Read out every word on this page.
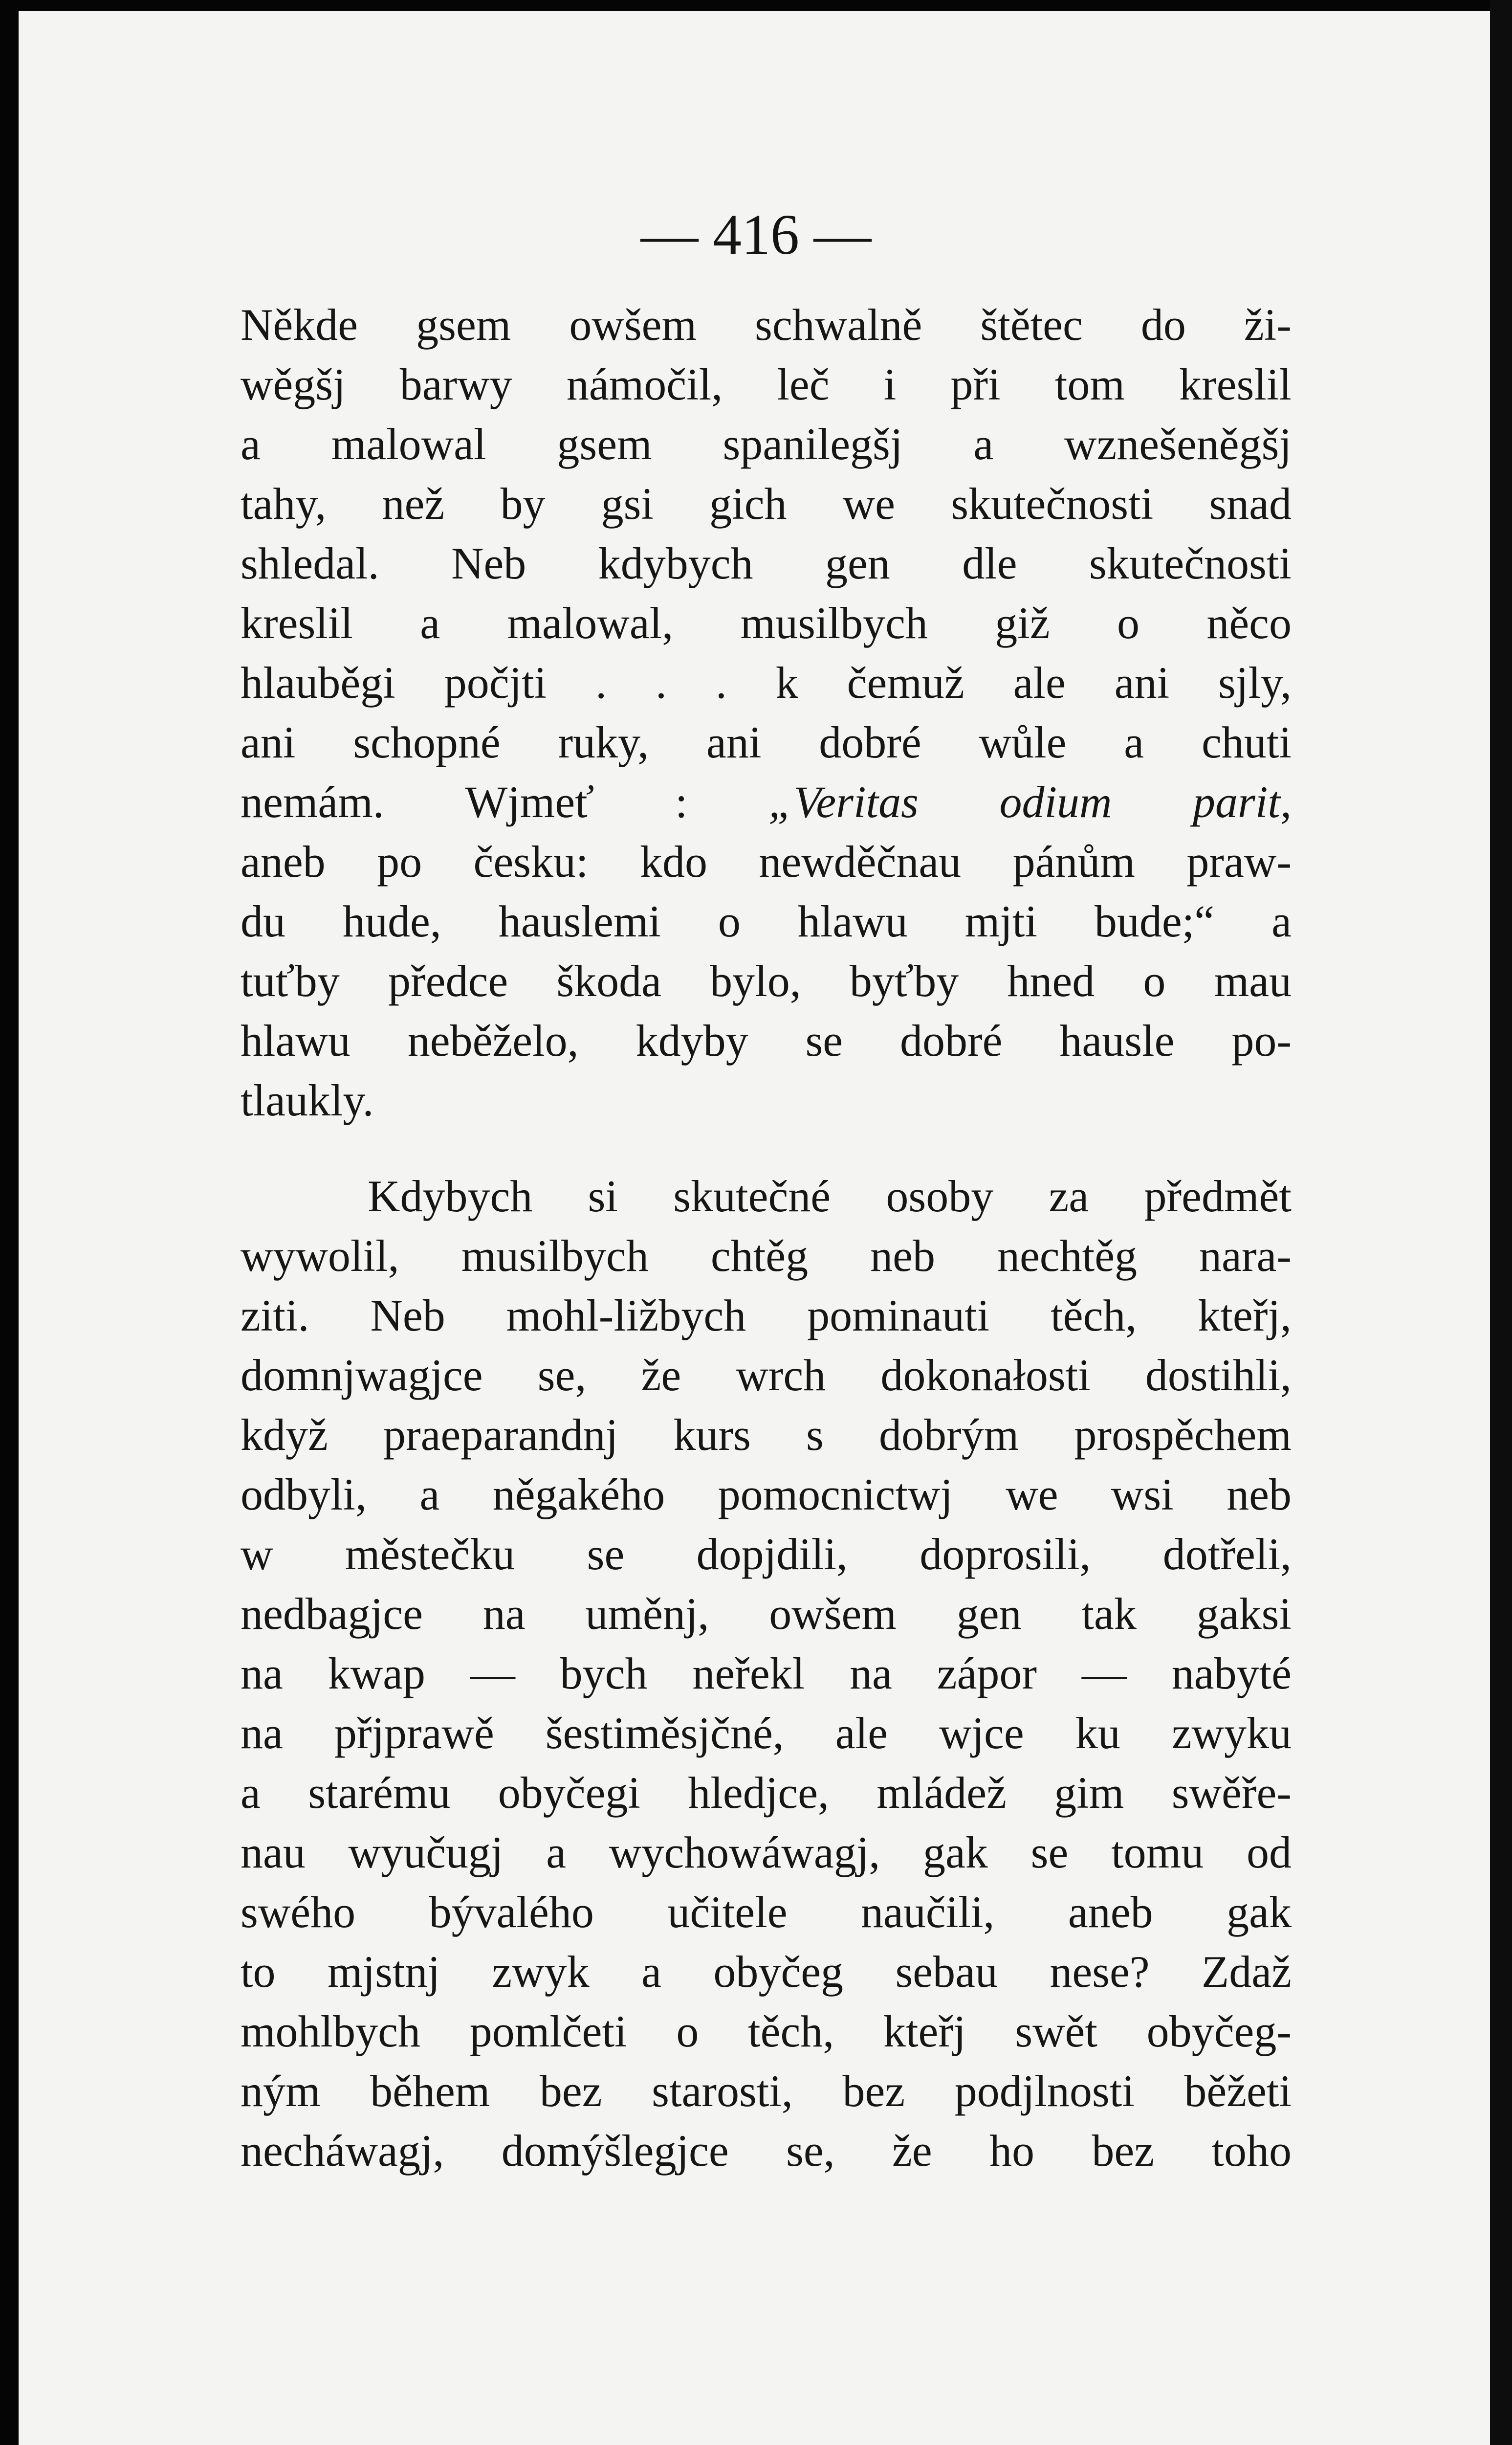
— 416 —
Někde gsem owšem schwalně štětec do ži-
wěgšj barwy námočil, leč i při tom kreslil
a malowal gsem spanilegšj a wznešeněgšj
tahy, než by gsi gich we skutečnosti snad
shledal. Neb kdybych gen dle skutečnosti
kreslil a malowal, musilbych giž o něco
hlauběgi počjti . . . k čemuž ale ani sjly,
ani schopné ruky, ani dobré wůle a chuti
nemám. Wjmeť : „Veritas odium parit,
aneb po česku: kdo newděčnau pánům praw-
du hude, hauslemi o hlawu mjti bude;“ a
tuťby předce škoda bylo, byťby hned o mau
hlawu neběželo, kdyby se dobré hausle po-
tlaukly.
Kdybych si skutečné osoby za předmět
wywolil, musilbych chtěg neb nechtěg nara-
ziti. Neb mohl-ližbych pominauti těch, kteřj,
domnjwagjce se, že wrch dokonałosti dostihli,
když praeparandnj kurs s dobrým prospěchem
odbyli, a něgakého pomocnictwj we wsi neb
w městečku se dopjdili, doprosili, dotřeli,
nedbagjce na uměnj, owšem gen tak gaksi
na kwap — bych neřekl na zápor — nabyté
na přjprawě šestiměsjčné, ale wjce ku zwyku
a starému obyčegi hledjce, mládež gim swěře-
nau wyučugj a wychowáwagj, gak se tomu od
swého bývalého učitele naučili, aneb gak
to mjstnj zwyk a obyčeg sebau nese? Zdaž
mohlbych pomlčeti o těch, kteřj swět obyčeg-
ným během bez starosti, bez podjlnosti běžeti
necháwagj, domýšlegjce se, že ho bez toho
